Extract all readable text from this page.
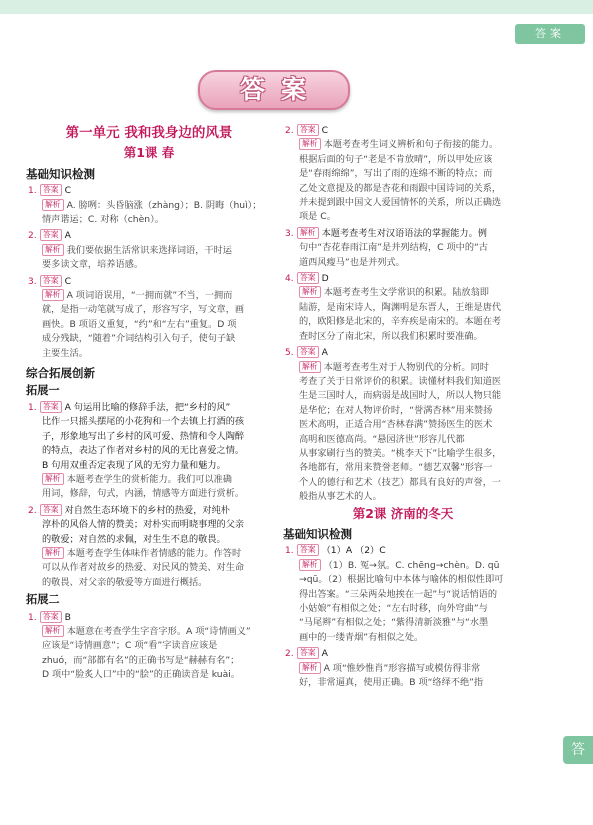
答案
答
答案
第一单元 我和我身边的风景
第1课 春
基础知识检测
1. 答案 C
解析 A. 膀咧：头昏脑涨（zhàng）；B. 阴晦（huì）；
情声谐运；C. 对称（chèn）。
2. 答案 A
解析 我们要依据生活常识来选择词语，干时运
要多读文章，培养语感。
3. 答案 C
解析 A 项词语误用，“一拥而就”不当，一拥而
就，是指一动笔就写成了，形容写字，写文章，画
画快。B 项语义重复，“约”和“左右”重复。D 项
成分残缺，“随着”介词结构引入句子，使句子缺
主要生活。
综合拓展创新
拓展一
1. 答案 A 句运用比喻的修辞手法，把“乡村的风”
比作一只摇头摆尾的小花狗和一个去镇上打酒的孩
子，形象地写出了乡村的风可爱、热情和令人陶醉
的特点，表达了作者对乡村的风的无比喜爱之情。
B 句用双重否定表现了风的无穷力量和魅力。
解析 本题考查学生的赏析能力。我们可以准确
用词，修辞，句式，内涵，情感等方面进行赏析。
2. 答案 对自然生态环境下的乡村的热爱，对纯朴
淳朴的风俗人情的赞美；对朴实而明晓事理的父亲
的敬爱；对自然的求佩，对生生不息的敬畏。
解析 本题考查学生体味作者情感的能力。作答时
可以从作者对故乡的热爱、对民风的赞美、对生命
的敬畏、对父亲的敬爱等方面进行概括。
拓展二
1. 答案 B
解析 本题意在考查学生字音字形。A 项“诗情画义”
应该是“诗情画意”；C 项“看”字读音应该是
zhuó，而“部都有名”的正确书写是“赫赫有名”；
D 项中“脸炙人口”中的“脍”的正确读音是 kuài。
2. 答案 C
解析 本题考查考生词义辨析和句子衔接的能力。
根据后面的句子“老是不肯放晴”，所以甲处应该
是“春雨绵绵”，写出了雨的连绵不断的特点；而
乙处文意提及的都是杏花和雨跟中国诗词的关系，
并未提到跟中国文人爱国情怀的关系，所以正确选
项是 C。
3. 解析 本题考查考生对汉语语法的掌握能力。例
句中“杏花春雨江南”是并列结构，C 项中的“古
道西风瘦马”也是并列式。
4. 答案 D
解析 本题考查考生文学常识的积累。陆放翁即
陆游，是南宋诗人，陶渊明是东晋人，王维是唐代
的，欧阳修是北宋的，辛弃疾是南宋的。本题在考
查时区分了南北宋，所以我们积累时要准确。
5. 答案 A
解析 本题考查考生对于人物别代的分析。同时
考查了关于日常评价的积累。读懂材料我们知道医
生是三国时人，而病弱是战国时人，所以人物只能
是华佗；在对人物评价时，“誉满杏林”用来赞扬
医术高明，正适合用“杏林春满”赞扬医生的医术
高明和医德高尚。“悬园济世”形容儿代都
从事家刷行当的赞美。“桃李天下”比喻学生很多，
各地都有，常用来赞誉老师。“德艺双馨”形容一
个人的德行和艺术（技艺）都具有良好的声誉，一
般指从事艺术的人。
第2课 济南的冬天
基础知识检测
1. 答案 （1）A （2）C
解析 （1）B. 冤→氛。C. chēng→chèn。D. qū
→qū。（2）根据比喻句中本体与喻体的相似性即可
得出答案。“三朵两朵地挨在一起”与“说话悄语的
小姑娘”有相似之处；“左右时移，向外穹曲”与
“马尾辫”有相似之处；“紫得清新淡雅”与“水墨
画中的一缕青烟”有相似之处。
2. 答案 A
解析 A 项“惟妙惟肖”形容描写或模仿得非常
好，非常逼真，使用正确。B 项“络绎不绝”指
